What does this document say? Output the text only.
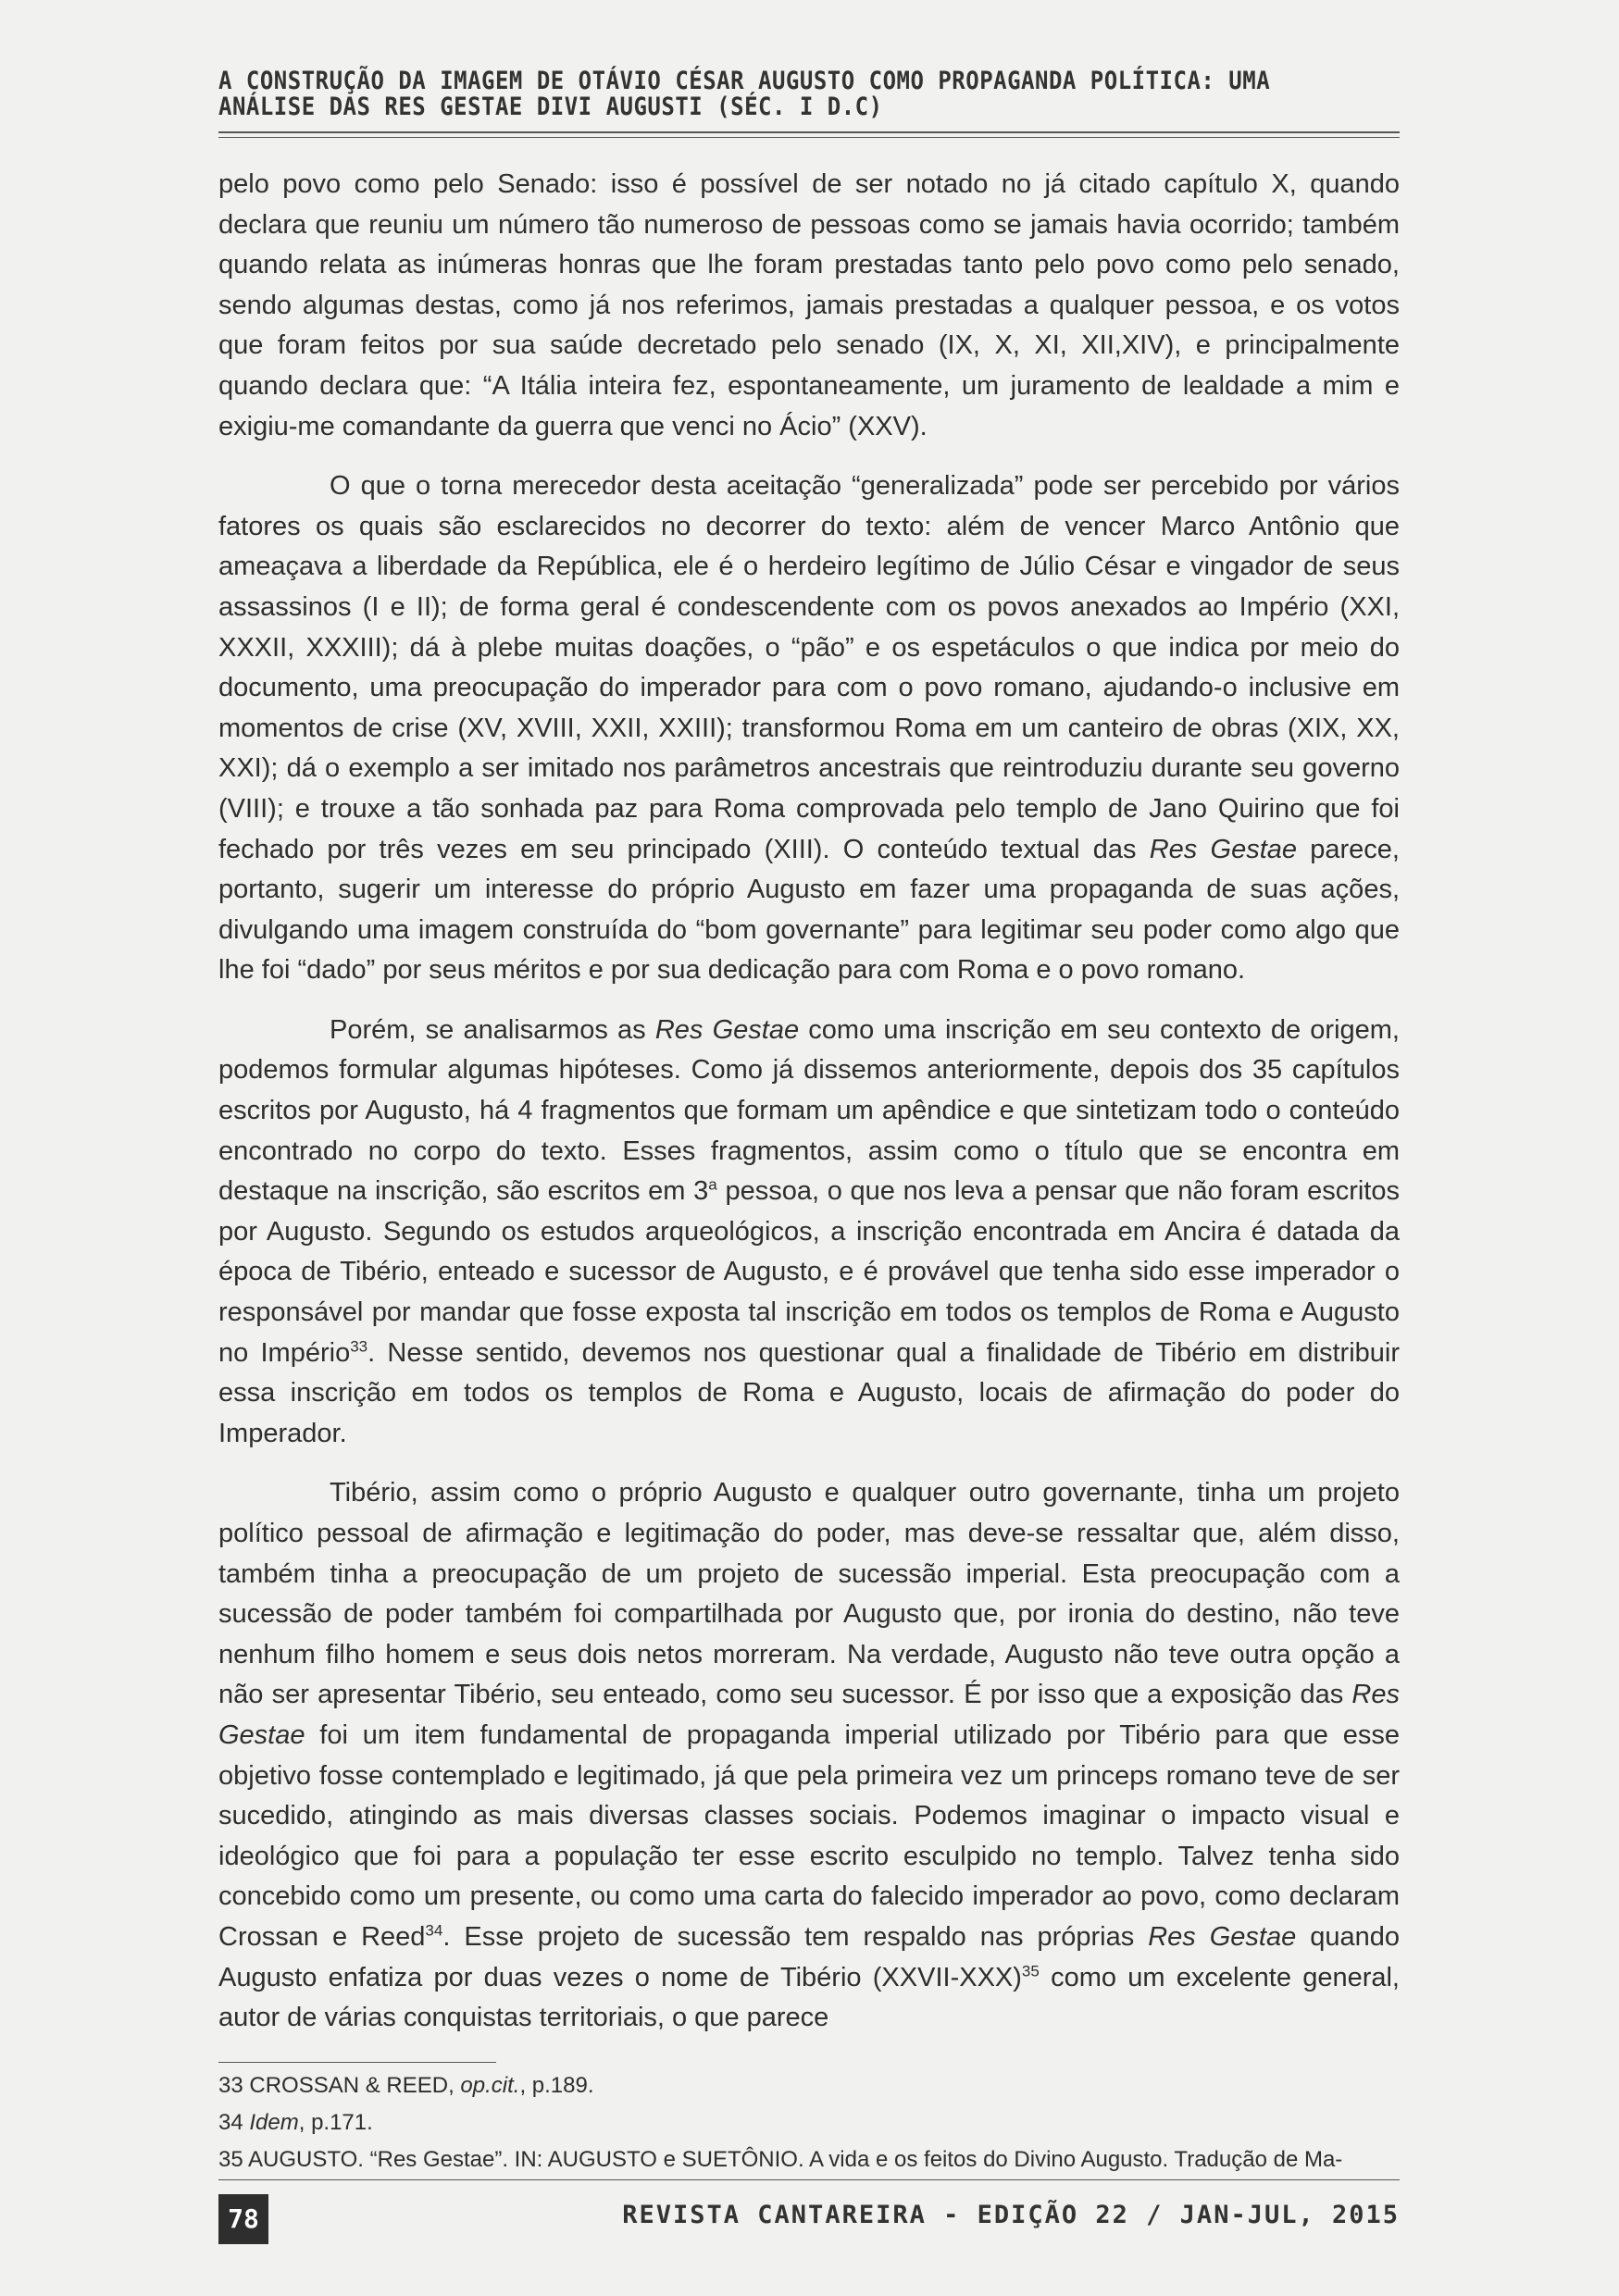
A CONSTRUÇÃO DA IMAGEM DE OTÁVIO CÉSAR AUGUSTO COMO PROPAGANDA POLÍTICA: UMA
ANÁLISE DAS RES GESTAE DIVI AUGUSTI (SÉC. I D.C)

pelo povo como pelo Senado: isso é possível de ser notado no já citado capítulo X, quando declara que reuniu um número tão numeroso de pessoas como se jamais havia ocorrido; também quando relata as inúmeras honras que lhe foram prestadas tanto pelo povo como pelo senado, sendo algumas destas, como já nos referimos, jamais prestadas a qualquer pessoa, e os votos que foram feitos por sua saúde decretado pelo senado (IX, X, XI, XII,XIV), e principalmente quando declara que: “A Itália inteira fez, espontaneamente, um juramento de lealdade a mim e exigiu-me comandante da guerra que venci no Ácio” (XXV).

O que o torna merecedor desta aceitação “generalizada” pode ser percebido por vários fatores os quais são esclarecidos no decorrer do texto: além de vencer Marco Antônio que ameaçava a liberdade da República, ele é o herdeiro legítimo de Júlio César e vingador de seus assassinos (I e II); de forma geral é condescendente com os povos anexados ao Império (XXI, XXXII, XXXIII); dá à plebe muitas doações, o “pão” e os espetáculos o que indica por meio do documento, uma preocupação do imperador para com o povo romano, ajudando-o inclusive em momentos de crise (XV, XVIII, XXII, XXIII); transformou Roma em um canteiro de obras (XIX, XX, XXI); dá o exemplo a ser imitado nos parâmetros ancestrais que reintroduziu durante seu governo (VIII); e trouxe a tão sonhada paz para Roma comprovada pelo templo de Jano Quirino que foi fechado por três vezes em seu principado (XIII). O conteúdo textual das Res Gestae parece, portanto, sugerir um interesse do próprio Augusto em fazer uma propaganda de suas ações, divulgando uma imagem construída do “bom governante” para legitimar seu poder como algo que lhe foi “dado” por seus méritos e por sua dedicação para com Roma e o povo romano.

Porém, se analisarmos as Res Gestae como uma inscrição em seu contexto de origem, podemos formular algumas hipóteses. Como já dissemos anteriormente, depois dos 35 capítulos escritos por Augusto, há 4 fragmentos que formam um apêndice e que sintetizam todo o conteúdo encontrado no corpo do texto. Esses fragmentos, assim como o título que se encontra em destaque na inscrição, são escritos em 3$^a$ pessoa, o que nos leva a pensar que não foram escritos por Augusto. Segundo os estudos arqueológicos, a inscrição encontrada em Ancira é datada da época de Tibério, enteado e sucessor de Augusto, e é provável que tenha sido esse imperador o responsável por mandar que fosse exposta tal inscrição em todos os templos de Roma e Augusto no Império$^{33}$. Nesse sentido, devemos nos questionar qual a finalidade de Tibério em distribuir essa inscrição em todos os templos de Roma e Augusto, locais de afirmação do poder do Imperador.

Tibério, assim como o próprio Augusto e qualquer outro governante, tinha um projeto político pessoal de afirmação e legitimação do poder, mas deve-se ressaltar que, além disso, também tinha a preocupação de um projeto de sucessão imperial. Esta preocupação com a sucessão de poder também foi compartilhada por Augusto que, por ironia do destino, não teve nenhum filho homem e seus dois netos morreram. Na verdade, Augusto não teve outra opção a não ser apresentar Tibério, seu enteado, como seu sucessor. É por isso que a exposição das Res Gestae foi um item fundamental de propaganda imperial utilizado por Tibério para que esse objetivo fosse contemplado e legitimado, já que pela primeira vez um princeps romano teve de ser sucedido, atingindo as mais diversas classes sociais. Podemos imaginar o impacto visual e ideológico que foi para a população ter esse escrito esculpido no templo. Talvez tenha sido concebido como um presente, ou como uma carta do falecido imperador ao povo, como declaram Crossan e Reed$^{34}$. Esse projeto de sucessão tem respaldo nas próprias Res Gestae quando Augusto enfatiza por duas vezes o nome de Tibério (XXVII-XXX)$^{35}$ como um excelente general, autor de várias conquistas territoriais, o que parece

33 CROSSAN & REED, op.cit., p.189.
34 Idem, p.171.
35 AUGUSTO. “Res Gestae”. IN: AUGUSTO e SUETÔNIO. A vida e os feitos do Divino Augusto. Tradução de Ma-
78	REVISTA CANTAREIRA - EDIÇÃO 22 / JAN-JUL, 2015
